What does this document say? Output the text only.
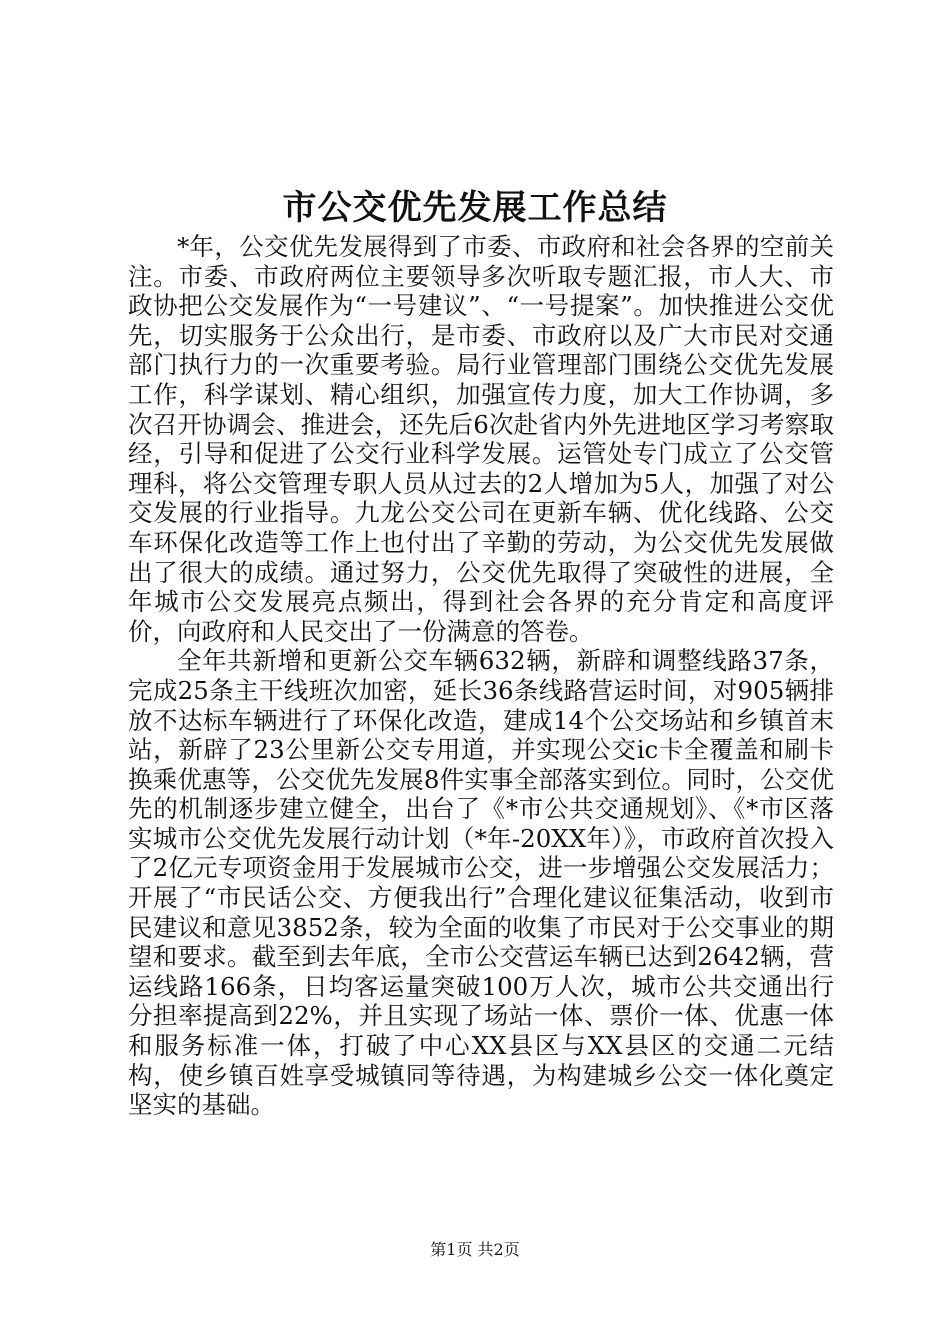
市公交优先发展工作总结

*年，公交优先发展得到了市委、市政府和社会各界的空前关注。市委、市政府两位主要领导多次听取专题汇报，市人大、市政协把公交发展作为“一号建议”、“一号提案”。加快推进公交优先，切实服务于公众出行，是市委、市政府以及广大市民对交通部门执行力的一次重要考验。局行业管理部门围绕公交优先发展工作，科学谋划、精心组织，加强宣传力度，加大工作协调，多次召开协调会、推进会，还先后6次赴省内外先进地区学习考察取经，引导和促进了公交行业科学发展。运管处专门成立了公交管理科，将公交管理专职人员从过去的2人增加为5人，加强了对公交发展的行业指导。九龙公交公司在更新车辆、优化线路、公交车环保化改造等工作上也付出了辛勤的劳动，为公交优先发展做出了很大的成绩。通过努力，公交优先取得了突破性的进展，全年城市公交发展亮点频出，得到社会各界的充分肯定和高度评价，向政府和人民交出了一份满意的答卷。

全年共新增和更新公交车辆632辆，新辟和调整线路37条，完成25条主干线班次加密，延长36条线路营运时间，对905辆排放不达标车辆进行了环保化改造，建成14个公交场站和乡镇首末站，新辟了23公里新公交专用道，并实现公交ic卡全覆盖和刷卡换乘优惠等，公交优先发展8件实事全部落实到位。同时，公交优先的机制逐步建立健全，出台了《*市公共交通规划》、《*市区落实城市公交优先发展行动计划（*年-20XX年）》，市政府首次投入了2亿元专项资金用于发展城市公交，进一步增强公交发展活力；开展了“市民话公交、方便我出行”合理化建议征集活动，收到市民建议和意见3852条，较为全面的收集了市民对于公交事业的期望和要求。截至到去年底，全市公交营运车辆已达到2642辆，营运线路166条，日均客运量突破100万人次，城市公共交通出行分担率提高到22%，并且实现了场站一体、票价一体、优惠一体和服务标准一体，打破了中心XX县区与XX县区的交通二元结构，使乡镇百姓享受城镇同等待遇，为构建城乡公交一体化奠定坚实的基础。

第1页 共2页
